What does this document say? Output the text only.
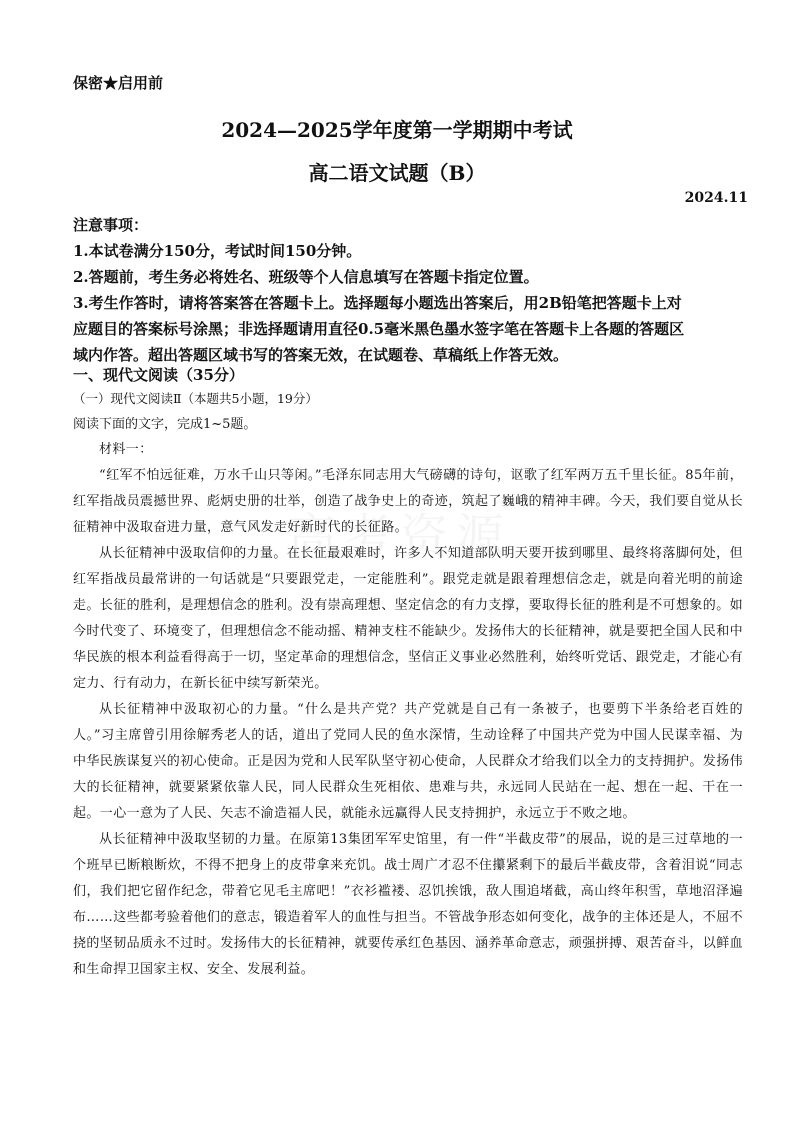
保密★启用前
2024—2025学年度第一学期期中考试
高二语文试题（B）
2024.11
注意事项：
1.本试卷满分150分，考试时间150分钟。
2.答题前，考生务必将姓名、班级等个人信息填写在答题卡指定位置。
3.考生作答时，请将答案答在答题卡上。选择题每小题选出答案后，用2B铅笔把答题卡上对
应题目的答案标号涂黑；非选择题请用直径0.5毫米黑色墨水签字笔在答题卡上各题的答题区
域内作答。超出答题区域书写的答案无效，在试题卷、草稿纸上作答无效。
一、现代文阅读（35分）
（一）现代文阅读Ⅱ（本题共5小题，19分）
阅读下面的文字，完成1~5题。

材料一：

“红军不怕远征难，万水千山只等闲。”毛泽东同志用大气磅礴的诗句，讴歌了红军两万五千里长征。85年前，红军指战员震撼世界、彪炳史册的壮举，创造了战争史上的奇迹，筑起了巍峨的精神丰碑。今天，我们要自觉从长征精神中汲取奋进力量，意气风发走好新时代的长征路。

从长征精神中汲取信仰的力量。在长征最艰难时，许多人不知道部队明天要开拔到哪里、最终将落脚何处，但红军指战员最常讲的一句话就是“只要跟党走，一定能胜利”。跟党走就是跟着理想信念走，就是向着光明的前途走。长征的胜利，是理想信念的胜利。没有崇高理想、坚定信念的有力支撑，要取得长征的胜利是不可想象的。如今时代变了、环境变了，但理想信念不能动摇、精神支柱不能缺少。发扬伟大的长征精神，就是要把全国人民和中华民族的根本利益看得高于一切，坚定革命的理想信念，坚信正义事业必然胜利，始终听党话、跟党走，才能心有定力、行有动力，在新长征中续写新荣光。

从长征精神中汲取初心的力量。“什么是共产党？共产党就是自己有一条被子，也要剪下半条给老百姓的人。”习主席曾引用徐解秀老人的话，道出了党同人民的鱼水深情，生动诠释了中国共产党为中国人民谋幸福、为中华民族谋复兴的初心使命。正是因为党和人民军队坚守初心使命，人民群众才给我们以全力的支持拥护。发扬伟大的长征精神，就要紧紧依靠人民，同人民群众生死相依、患难与共，永远同人民站在一起、想在一起、干在一起。一心一意为了人民、矢志不渝造福人民，就能永远赢得人民支持拥护，永远立于不败之地。

从长征精神中汲取坚韧的力量。在原第13集团军军史馆里，有一件“半截皮带”的展品，说的是三过草地的一个班早已断粮断炊，不得不把身上的皮带拿来充饥。战士周广才忍不住攥紧剩下的最后半截皮带，含着泪说“同志们，我们把它留作纪念，带着它见毛主席吧！”衣衫褴褛、忍饥挨饿，敌人围追堵截，高山终年积雪，草地沼泽遍布……这些都考验着他们的意志，锻造着军人的血性与担当。不管战争形态如何变化，战争的主体还是人，不屈不挠的坚韧品质永不过时。发扬伟大的长征精神，就要传承红色基因、涵养革命意志，顽强拼搏、艰苦奋斗，以鲜血和生命捍卫国家主权、安全、发展利益。
